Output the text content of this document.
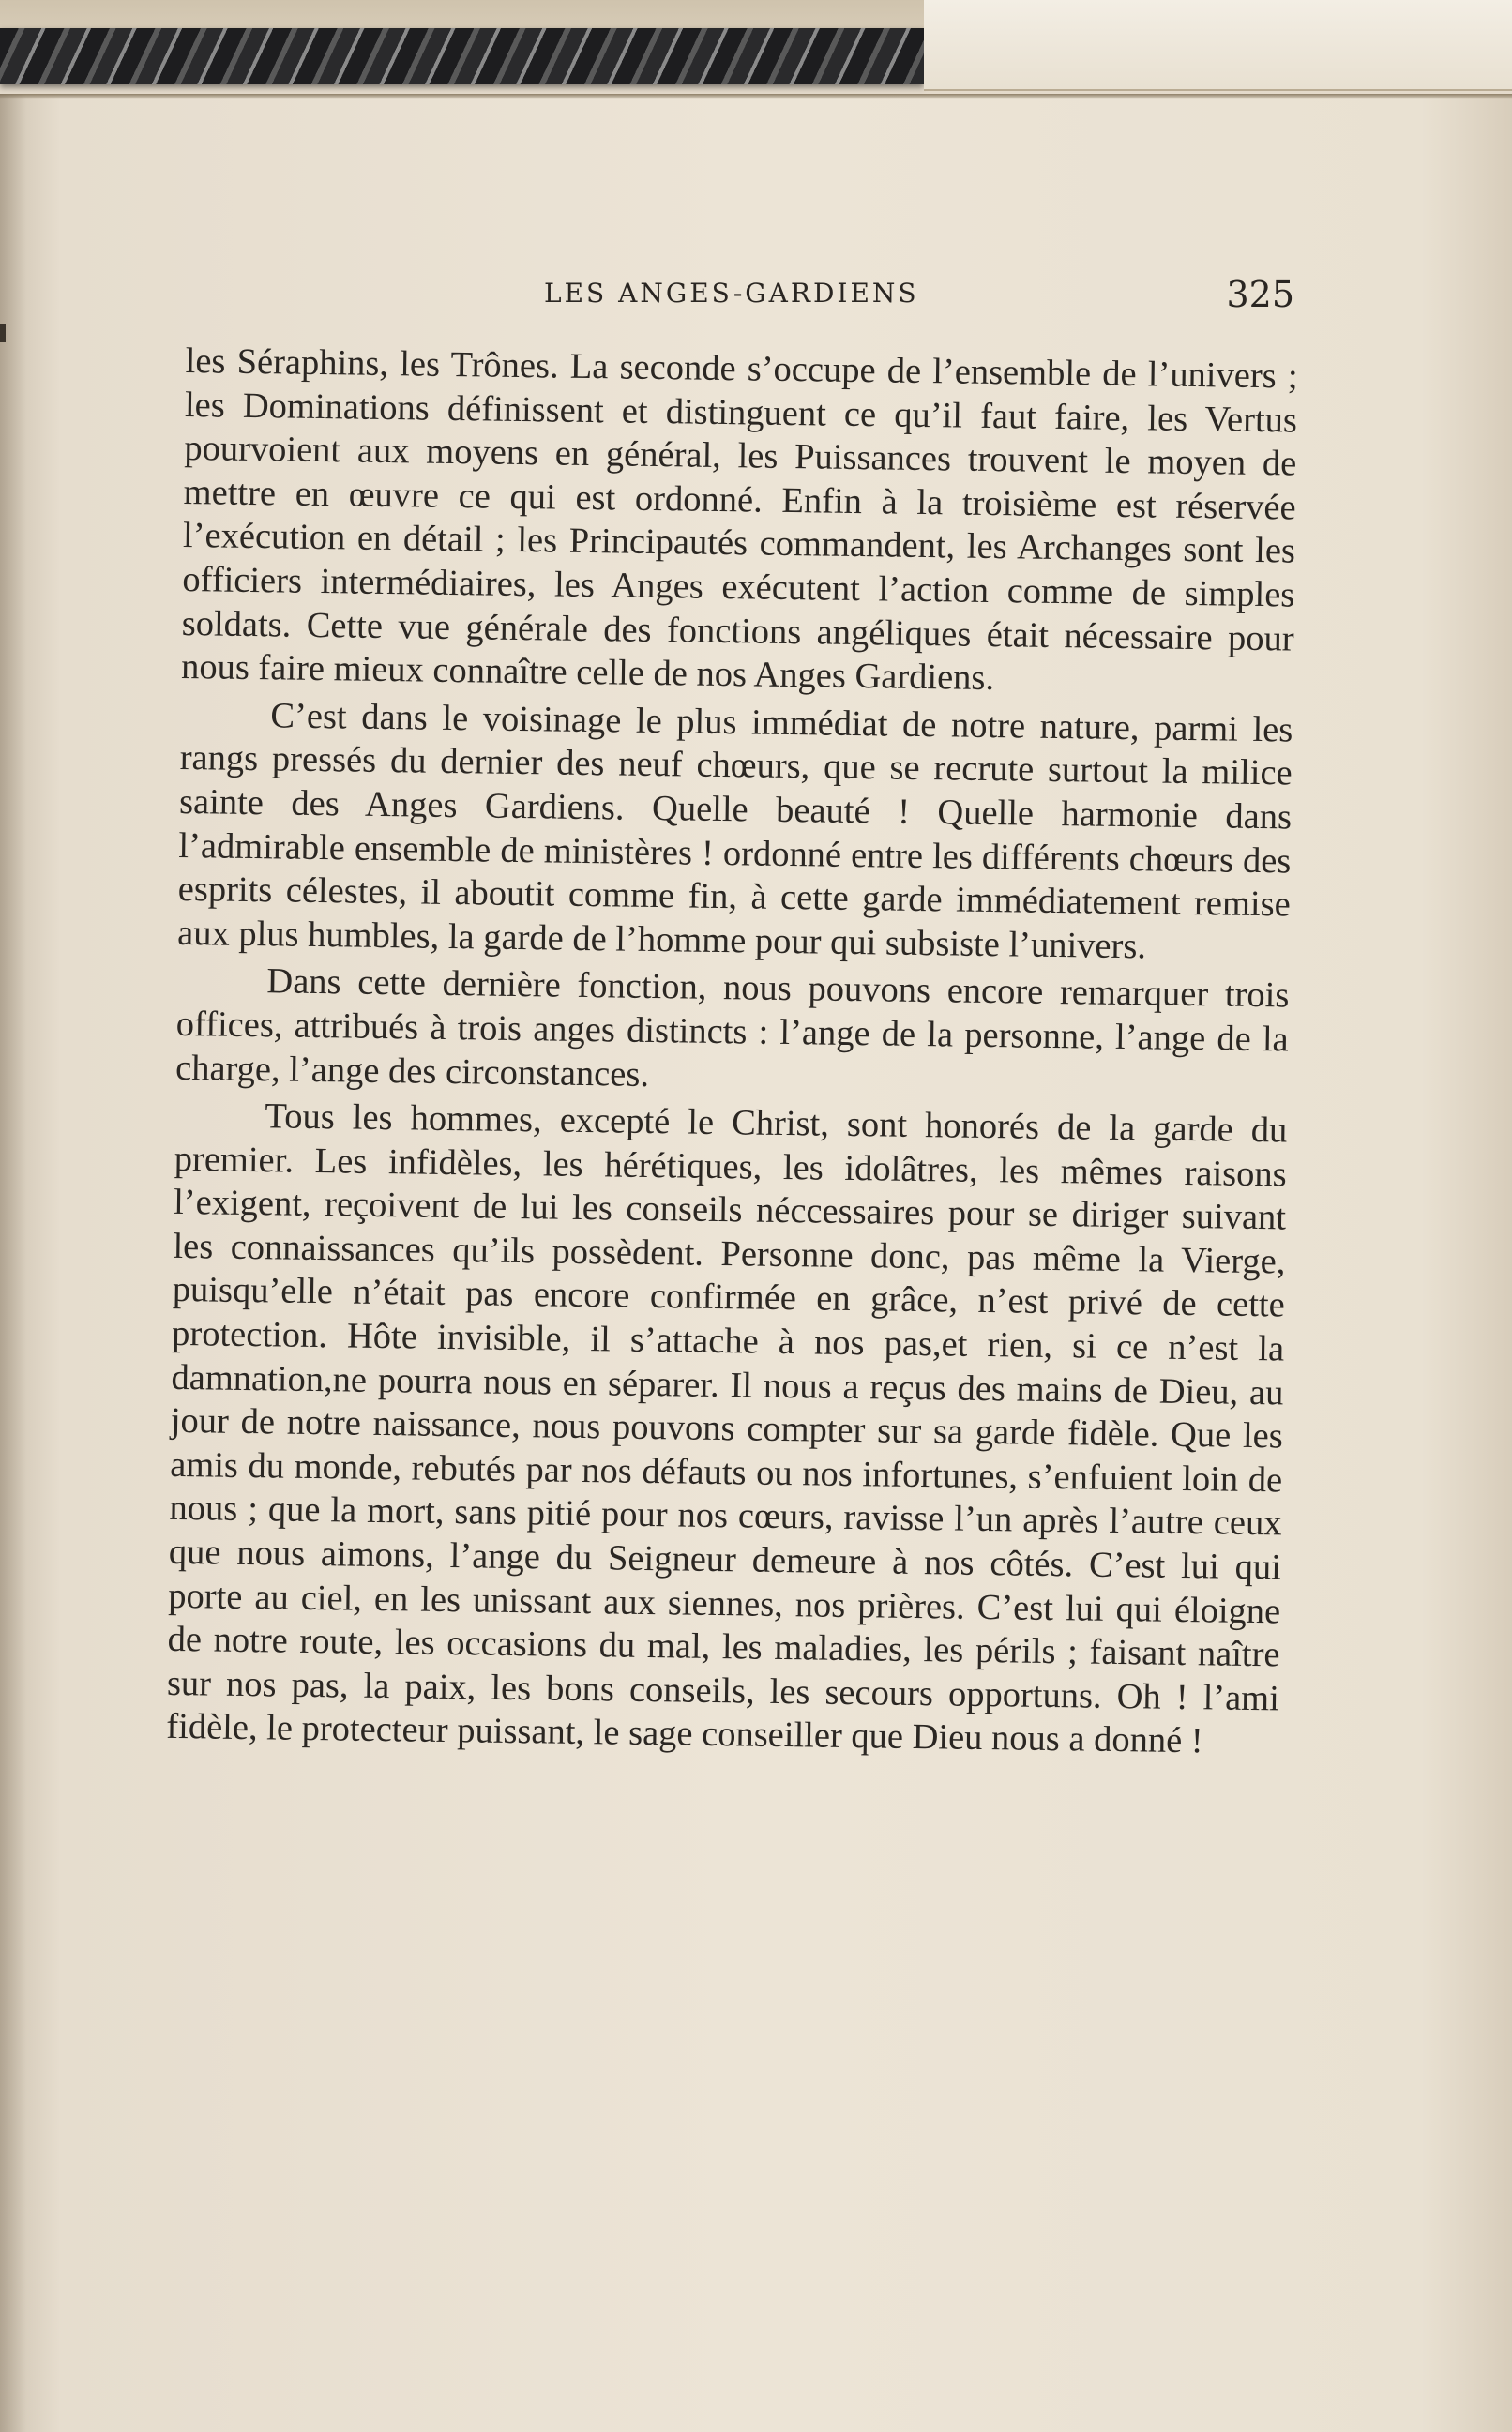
LES ANGES-GARDIENS	325

les Séraphins, les Trônes. La seconde s’occupe de l’ensemble de l’univers ; les Dominations définissent et distinguent ce qu’il faut faire, les Vertus pourvoient aux moyens en général, les Puissances trouvent le moyen de mettre en œuvre ce qui est ordonné. Enfin à la troisième est réservée l’exécution en détail ; les Principautés commandent, les Archanges sont les officiers intermédiaires, les Anges exécutent l’action comme de simples soldats. Cette vue générale des fonctions angéliques était nécessaire pour nous faire mieux connaître celle de nos Anges Gardiens.

C’est dans le voisinage le plus immédiat de notre nature, parmi les rangs pressés du dernier des neuf chœurs, que se recrute surtout la milice sainte des Anges Gardiens. Quelle beauté ! Quelle harmonie dans l’admirable ensemble de ministères ! ordonné entre les différents chœurs des esprits célestes, il aboutit comme fin, à cette garde immédiatement remise aux plus humbles, la garde de l’homme pour qui subsiste l’univers.

Dans cette dernière fonction, nous pouvons encore remarquer trois offices, attribués à trois anges distincts : l’ange de la personne, l’ange de la charge, l’ange des circonstances.

Tous les hommes, excepté le Christ, sont honorés de la garde du premier. Les infidèles, les hérétiques, les idolâtres, les mêmes raisons l’exigent, reçoivent de lui les conseils néccessaires pour se diriger suivant les connaissances qu’ils possèdent. Personne donc, pas même la Vierge, puisqu’elle n’était pas encore confirmée en grâce, n’est privé de cette protection. Hôte invisible, il s’attache à nos pas,et rien, si ce n’est la damnation,ne pourra nous en séparer. Il nous a reçus des mains de Dieu, au jour de notre naissance, nous pouvons compter sur sa garde fidèle. Que les amis du monde, rebutés par nos défauts ou nos infortunes, s’enfuient loin de nous ; que la mort, sans pitié pour nos cœurs, ravisse l’un après l’autre ceux que nous aimons, l’ange du Seigneur demeure à nos côtés. C’est lui qui porte au ciel, en les unissant aux siennes, nos prières. C’est lui qui éloigne de notre route, les occasions du mal, les maladies, les périls ; faisant naître sur nos pas, la paix, les bons conseils, les secours opportuns. Oh ! l’ami fidèle, le protecteur puissant, le sage conseiller que Dieu nous a donné !
